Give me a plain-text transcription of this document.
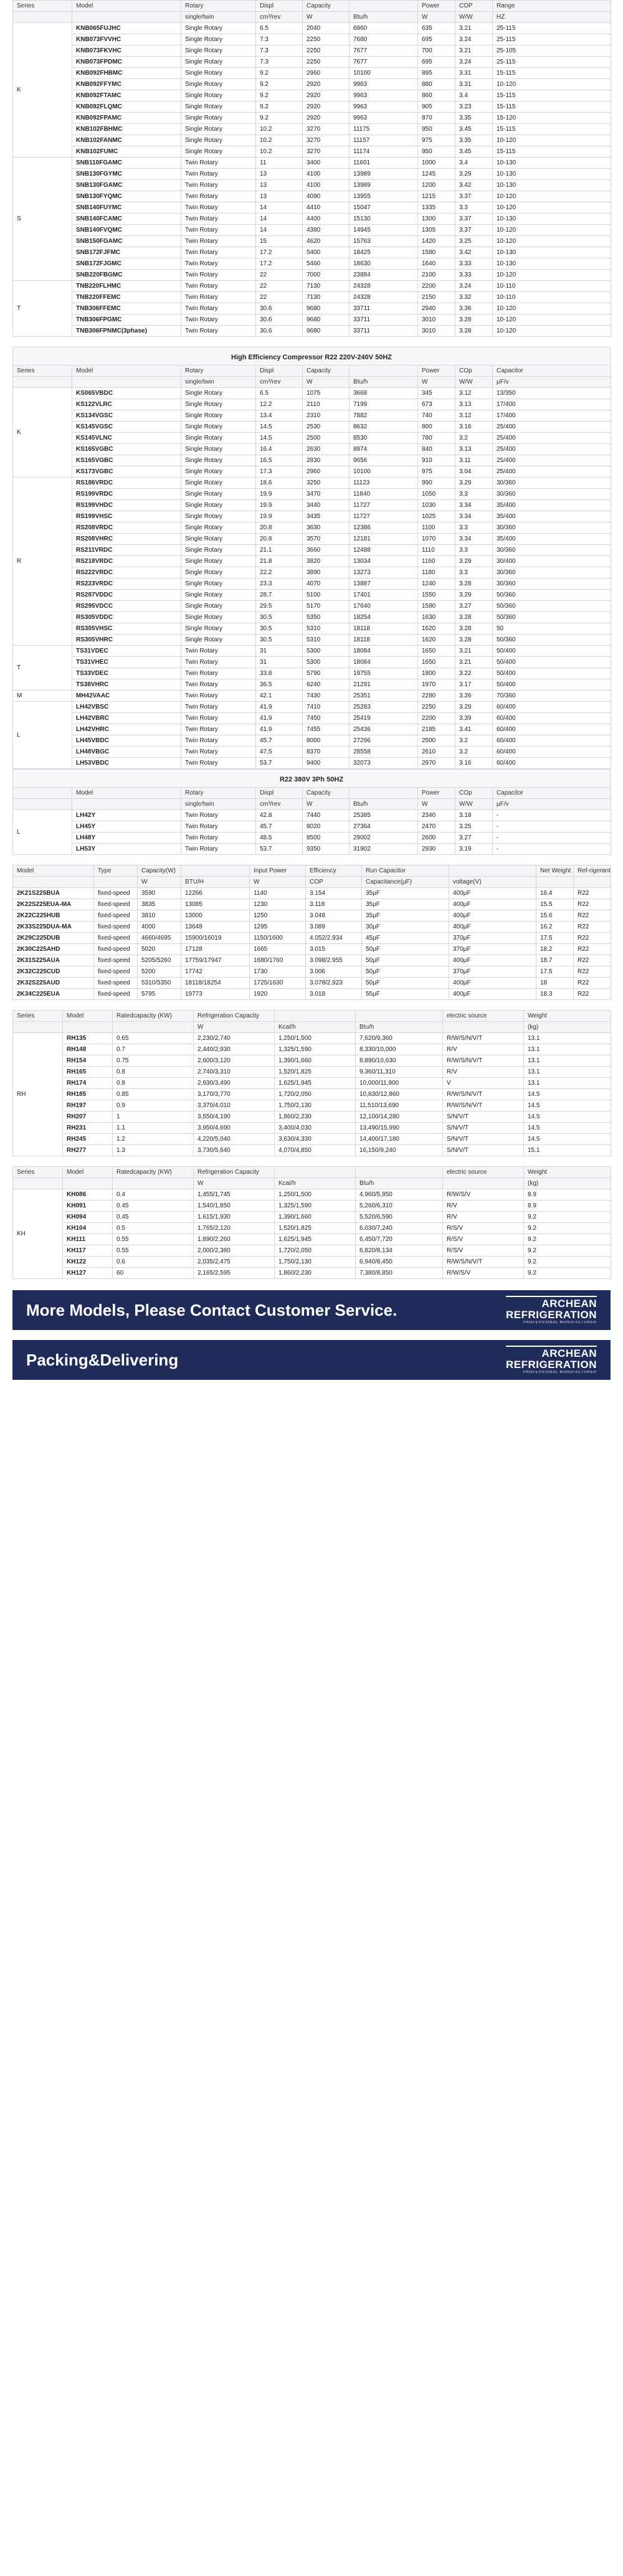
Series	Model	Rotary	Displ	Capacity		Power	COP	Range
		single/twin	cm³/rev	W	Btu/h	W	W/W	HZ
K	KNB065FUJHC	Single Rotary	6.5	2040	6960	635	3.21	25-115
	KNB073FVVHC	Single Rotary	7.3	2250	7680	695	3.24	25-115
	KNB073FKVHC	Single Rotary	7.3	2250	7677	700	3.21	25-105
	KNB073FPDMC	Single Rotary	7.3	2250	7677	695	3.24	25-115
	KNB092FHBMC	Single Rotary	9.2	2960	10100	895	3.31	15-115
	KNB092FFYMC	Single Rotary	9.2	2920	9963	880	3.31	10-120
	KNB092FTAMC	Single Rotary	9.2	2920	9963	860	3.4	15-115
	KNB092FLQMC	Single Rotary	9.2	2920	9963	905	3.23	15-115
	KNB092FPAMC	Single Rotary	9.2	2920	9963	870	3.35	15-120
	KNB102FBHMC	Single Rotary	10.2	3270	11175	950	3.45	15-115
	KNB102FANMC	Single Rotary	10.2	3270	11157	975	3.35	10-120
	KNB102FUMC	Single Rotary	10.2	3270	11174	950	3.45	15-115
S	SNB110FGAMC	Twin Rotary	11	3400	11601	1000	3.4	10-130
	SNB130FGYMC	Twin Rotary	13	4100	13989	1245	3.29	10-130
	SNB130FGAMC	Twin Rotary	13	4100	13989	1200	3.42	10-130
	SNB130FYQMC	Twin Rotary	13	4090	13955	1215	3.37	10-120
	SNB140FUYMC	Twin Rotary	14	4410	15047	1335	3.3	10-120
	SNB140FCAMC	Twin Rotary	14	4400	15130	1300	3.37	10-130
	SNB140FVQMC	Twin Rotary	14	4380	14945	1305	3.37	10-120
	SNB150FGAMC	Twin Rotary	15	4620	15763	1420	3.25	10-120
	SNB172FJFMC	Twin Rotary	17.2	5400	18425	1580	3.42	10-130
	SNB172FJGMC	Twin Rotary	17.2	5460	18630	1640	3.33	10-130
	SNB220FBGMC	Twin Rotary	22	7000	23884	2100	3.33	10-120
T	TNB220FLHMC	Twin Rotary	22	7130	24328	2200	3.24	10-110
	TNB220FFEMC	Twin Rotary	22	7130	24328	2150	3.32	10-110
	TNB306FFEMC	Twin Rotary	30.6	9680	33711	2940	3.36	10-120
	TNB306FPGMC	Twin Rotary	30.6	9680	33711	3010	3.28	10-120
	TNB306FPNMC(3phase)	Twin Rotary	30.6	9680	33711	3010	3.28	10-120
High Efficiency Compressor R22 220V-240V 50HZ
Series	Model	Rotary	Displ	Capacity		Power	COp	Capacitor
		single/twin	cm³/rev	W	Btu/h	W	W/W	μF/v
K	KS065VBDC	Single Rotary	6.5	1075	3668	345	3.12	13/350
	KS122VLRC	Single Rotary	12.2	2110	7199	673	3.13	17/400
	KS134VGSC	Single Rotary	13.4	2310	7882	740	3.12	17/400
	KS145VGSC	Single Rotary	14.5	2530	8632	800	3.16	25/400
	KS145VLNC	Single Rotary	14.5	2500	8530	780	3.2	25/400
	KS165VGBC	Single Rotary	16.4	2630	8974	840	3.13	25/400
	KS165VGBC	Single Rotary	16.5	2830	9656	910	3.11	25/400
	KS173VGBC	Single Rotary	17.3	2960	10100	975	3.04	25/400
R	RS186VRDC	Single Rotary	18.6	3250	11123	990	3.29	30/360
	RS199VRDC	Single Rotary	19.9	3470	11840	1050	3.3	30/360
	RS199VHDC	Single Rotary	19.9	3440	11727	1030	3.34	35/400
	RS199VHSC	Single Rotary	19.9	3435	11727	1025	3.34	35/400
	RS208VRDC	Single Rotary	20.8	3630	12386	1100	3.3	30/360
	RS208VHRC	Single Rotary	20.8	3570	12181	1070	3.34	35/400
	RS211VRDC	Single Rotary	21.1	3660	12488	1110	3.3	30/360
	RS218VRDC	Single Rotary	21.8	3820	13034	1160	3.29	30/400
	RS222VRDC	Single Rotary	22.2	3890	13273	1180	3.3	30/360
	RS223VRDC	Single Rotary	23.3	4070	13887	1240	3.28	30/360
	RS287VDDC	Single Rotary	28.7	5100	17401	1550	3.29	50/360
	RS295VDCC	Single Rotary	29.5	5170	17640	1580	3.27	50/360
	RS305VDDC	Single Rotary	30.5	5350	18254	1630	3.28	50/360
	RS305VHSC	Single Rotary	30.5	5310	18118	1620	3.28	50
	RS305VHRC	Single Rotary	30.5	5310	18118	1620	3.28	50/360
T	TS31VDEC	Twin Rotary	31	5300	18084	1650	3.21	50/400
	TS31VHEC	Twin Rotary	31	5300	18084	1650	3.21	50/400
	TS33VDEC	Twin Rotary	33.8	5790	19755	1800	3.22	50/400
	TS36VHRC	Twin Rotary	36.5	6240	21291	1970	3.17	50/400
M	MH42VAAC	Twin Rotary	42.1	7430	25351	2280	3.26	70/360
L	LH42VBSC	Twin Rotary	41.9	7410	25283	2250	3.29	60/400
	LH42VBRC	Twin Rotary	41.9	7450	25419	2200	3.39	60/400
	LH42VHRC	Twin Rotary	41.9	7455	25436	2185	3.41	60/400
	LH45VBDC	Twin Rotary	45.7	8000	27296	2500	3.2	60/400
	LH48VBGC	Twin Rotary	47.5	8370	28558	2610	3.2	60/400
	LH53VBDC	Twin Rotary	53.7	9400	32073	2970	3.16	60/400
R22 380V 3Ph 50HZ
	Model	Rotary	Displ	Capacity		Power	COp	Capacitor
		single/twin	cm³/rev	W	Btu/h	W	W/W	μF/v
L	LH42Y	Twin Rotary	42.8	7440	25385	2340	3.18	-
	LH45Y	Twin Rotary	45.7	8020	27364	2470	3.25	-
	LH48Y	Twin Rotary	48.5	8500	29002	2600	3.27	-
	LH53Y	Twin Rotary	53.7	9350	31902	2930	3.19	-
Model	Type	Capacity(W)		Input Power	Efficiency	Run Capacitor		Net Weight	Ref-rigerant
		W	BTU/H	W	COP	Capacitance(μF)	voltage(V)		
2K21S225BUA	fixed-speed	3590	12266	1140	3.154	35μF	400μF	16.4	R22
2K22S225EUA-MA	fixed-speed	3835	13085	1230	3.118	35μF	400μF	15.5	R22
2K22C225HUB	fixed-speed	3810	13000	1250	3.048	35μF	400μF	15.6	R22
2K33S225DUA-MA	fixed-speed	4000	13648	1295	3.089	30μF	400μF	16.2	R22
2K29C225DUB	fixed-speed	4660/4695	15900/16019	1150/1600	4.052/2.934	45μF	370μF	17.5	R22
2K30C225AHD	fixed-speed	5020	17128	1665	3.015	50μF	370μF	18.2	R22
2K31S225AUA	fixed-speed	5205/5260	17759/17947	1680/1760	3.098/2.955	50μF	400μF	18.7	R22
2K32C225CUD	fixed-speed	5200	17742	1730	3.006	50μF	370μF	17.5	R22
2K32S225AUD	fixed-speed	5310/5350	18118/18254	1725/1630	3.078/2.923	50μF	400μF	18	R22
2K34C225EUA	fixed-speed	5795	19773	1920	3.018	55μF	400μF	18.3	R22
Series	Model	Ratedcapacity (KW)	Refrigeration Capacity			electric source	Weight
			W	Kcal/h	Btu/h		(kg)
RH	RH135	0.65	2,230/2,740	1,250/1,500	7,620/9,360	R/W/S/N/V/T	13.1
	RH148	0.7	2,440/2,930	1,325/1,590	8,330/10,000	R/V	13.1
	RH154	0.75	2,600/3,120	1,390/1,660	8,890/10,630	R/W/S/N/V/T	13.1
	RH165	0.8	2,740/3,310	1,520/1,825	9,360/11,310	R/V	13.1
	RH174	0.8	2,930/3,490	1,625/1,945	10,000/11,900	V	13.1
	RH185	0.85	3,170/3,770	1,720/2,050	10,830/12,860	R/W/S/N/V/T	14.5
	RH197	0.9	3,370/4,010	1,750/2,130	11,510/13,690	R/W/S/N/V/T	14.5
	RH207	1	3,550/4,190	1,860/2,230	12,100/14,280	S/N/V/T	14.5
	RH231	1.1	3,950/4,690	3,400/4,030	13,490/15,990	S/N/V/T	14.5
	RH245	1.2	4,220/5,040	3,630/4,330	14,400/17,180	S/N/V/T	14.5
	RH277	1.3	3,730/5,640	4,070/4,850	16,150/9,240	S/N/V/T	15.1
Series	Model	Ratedcapacity (KW)	Refrigeration Capacity			electric source	Weight
			W	Kcal/h	Btu/h		(kg)
KH	KH086	0.4	1,455/1,745	1,250/1,500	4,960/5,950	R/W/S/V	8.9
	KH091	0.45	1,540/1,850	1,325/1,590	5,260/6,310	R/V	8.9
	KH094	0.45	1,615/1,930	1,390/1,660	5,520/6,590	R/V	9.2
	KH104	0.5	1,765/2,120	1,520/1,825	6,030/7,240	R/S/V	9.2
	KH111	0.55	1,890/2,260	1,625/1,945	6,450/7,720	R/S/V	9.2
	KH117	0.55	2,000/2,380	1,720/2,050	6,820/8,134	R/S/V	9.2
	KH122	0.6	2,035/2,475	1,750/2,130	6,940/8,450	R/W/S/N/V/T	9.2
	KH127	60	2,165/2,595	1,860/2,230	7,380/8,850	R/W/S/V	9.2
More Models, Please Contact Customer Service.	ARCHEAN
REFRIGERATION
PROFESSIONAL MANUFACTURER
Packing&Delivering	ARCHEAN
REFRIGERATION
PROFESSIONAL MANUFACTURER
